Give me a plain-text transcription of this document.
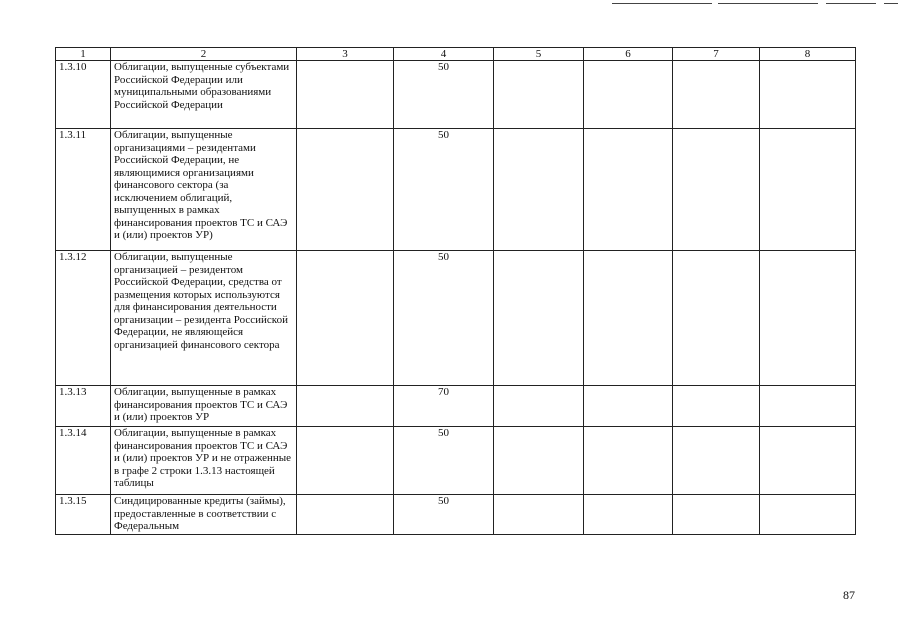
1	2	3	4	5	6	7	8
1.3.10	Облигации, выпущенные субъектами Российской Федерации или муниципальными образованиями Российской Федерации		50				
1.3.11	Облигации, выпущенные организациями – резидентами Российской Федерации, не являющимися организациями финансового сектора (за исключением облигаций, выпущенных в рамках финансирования проектов ТС и САЭ и (или) проектов УР)		50				
1.3.12	Облигации, выпущенные организацией – резидентом Российской Федерации, средства от размещения которых используются для финансирования деятельности организации – резидента Российской Федерации, не являющейся организацией финансового сектора		50				
1.3.13	Облигации, выпущенные в рамках финансирования проектов ТС и САЭ и (или) проектов УР		70				
1.3.14	Облигации, выпущенные в рамках финансирования проектов ТС и САЭ и (или) проектов УР и не отраженные в графе 2 строки 1.3.13 настоящей таблицы		50				
1.3.15	Синдицированные кредиты (займы), предоставленные в соответствии с Федеральным		50				
87
